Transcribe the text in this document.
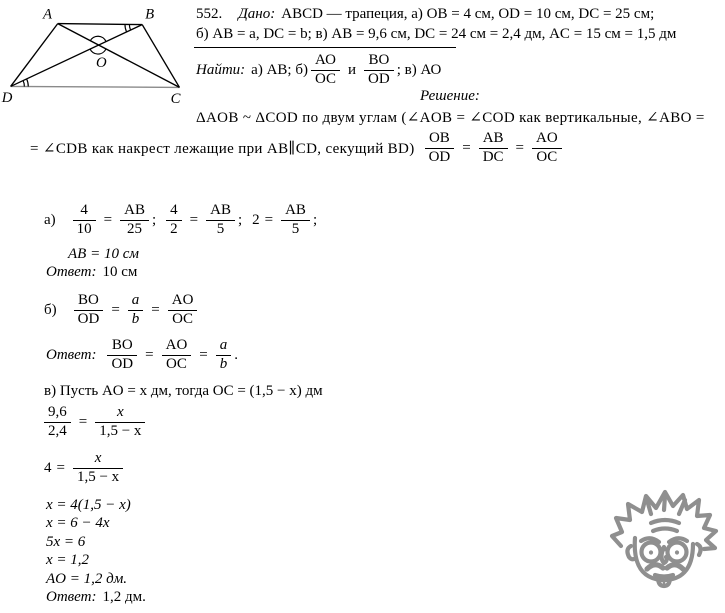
A	B
C
D
O
552. Дано: ABCD — трапеция, а) OB = 4 см, OD = 10 см, DC = 25 см;
б) AB = a, DC = b; в) AB = 9,6 см, DC = 24 см = 2,4 дм, AC = 15 см = 1,5 дм
Найти: а) AB; $б) \frac{АО}{ОС}$ и $\frac{ВО}{OD}$ ; в) АО
Решение:
ΔAOB ~ ΔCOD по двум углам (∠AOB = ∠COD как вертикальные, ∠ABO =
= ∠CDB как накрест лежащие при AB∥CD, секущий $BD) \frac{OB}{OD} = \frac{AB}{DC} = \frac{AO}{OC}$
$а) \frac{4}{10} = \frac{AB}{25}$ ; $\frac{4}{2} = \frac{AB}{5}$ ; $2 = \frac{AB}{5}$ ;
AB = 10 см
Ответ: 10 см
$б) \frac{BO}{OD} = \frac{a}{b} = \frac{AO}{OC}$
Ответ: $\frac{BO}{OD} = \frac{AO}{OC} = \frac{a}{b}$ .
в) Пусть AO = x дм, тогда OC = (1,5 − x) дм
$\frac{9,6}{2,4} = \frac{x}{1,5 - x}$
$4 = \frac{x}{1,5 - x}$
x = 4(1,5 − x)
x = 6 − 4x
5x = 6
x = 1,2
AO = 1,2 дм.
Ответ: 1,2 дм.
